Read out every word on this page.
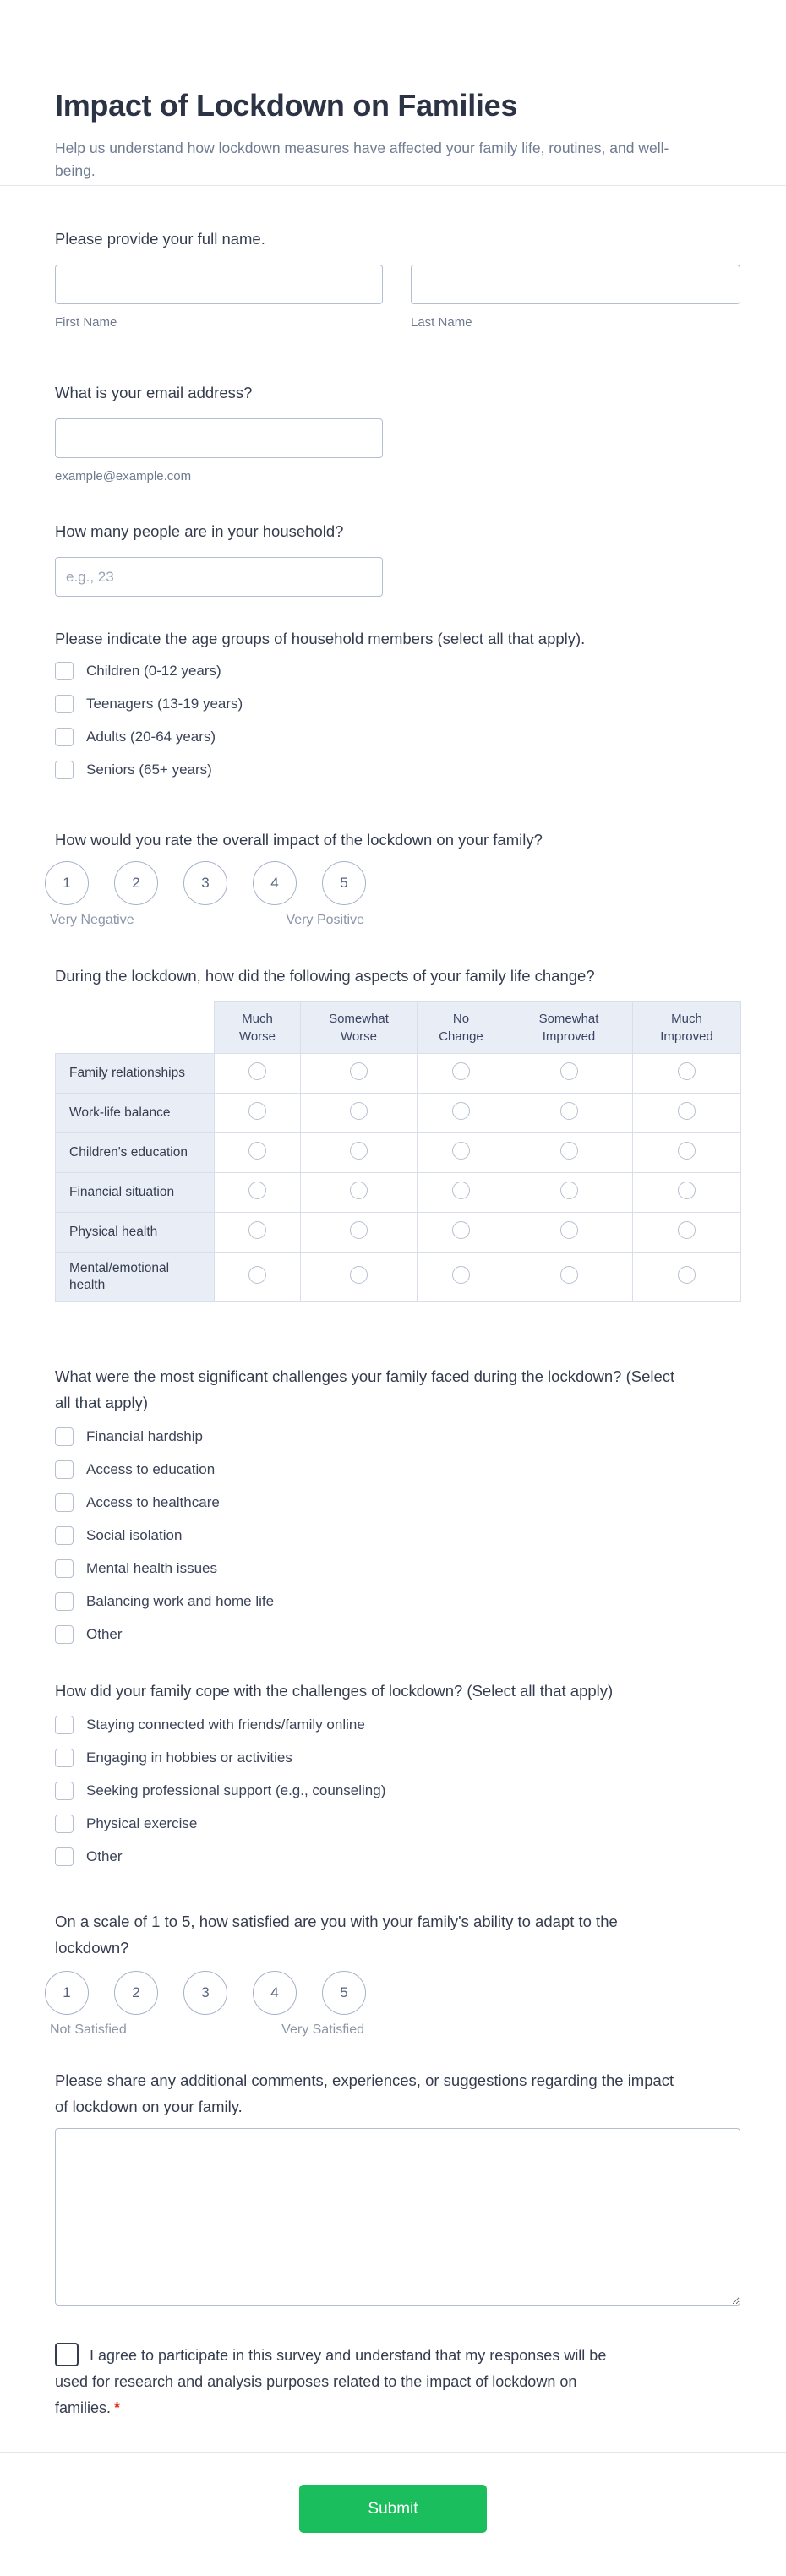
Impact of Lockdown on Families

Help us understand how lockdown measures have affected your family life, routines, and well-being.

Please provide your full name.
First Name	Last Name
What is your email address?
example@example.com
How many people are in your household?
e.g., 23
Please indicate the age groups of household members (select all that apply).
Children (0-12 years)
Teenagers (13-19 years)
Adults (20-64 years)
Seniors (65+ years)
How would you rate the overall impact of the lockdown on your family?
1	2	3	4	5
Very Negative	Very Positive
During the lockdown, how did the following aspects of your family life change?
	Much Worse	Somewhat Worse	No Change	Somewhat Improved	Much Improved
Family relationships					
Work-life balance					
Children's education					
Financial situation					
Physical health					
Mental/emotional health					
What were the most significant challenges your family faced during the lockdown? (Select all that apply)
Financial hardship
Access to education
Access to healthcare
Social isolation
Mental health issues
Balancing work and home life
Other
How did your family cope with the challenges of lockdown? (Select all that apply)
Staying connected with friends/family online
Engaging in hobbies or activities
Seeking professional support (e.g., counseling)
Physical exercise
Other
On a scale of 1 to 5, how satisfied are you with your family's ability to adapt to the lockdown?
1	2	3	4	5
Not Satisfied	Very Satisfied
Please share any additional comments, experiences, or suggestions regarding the impact of lockdown on your family.
I agree to participate in this survey and understand that my responses will be used for research and analysis purposes related to the impact of lockdown on families. *
Submit
